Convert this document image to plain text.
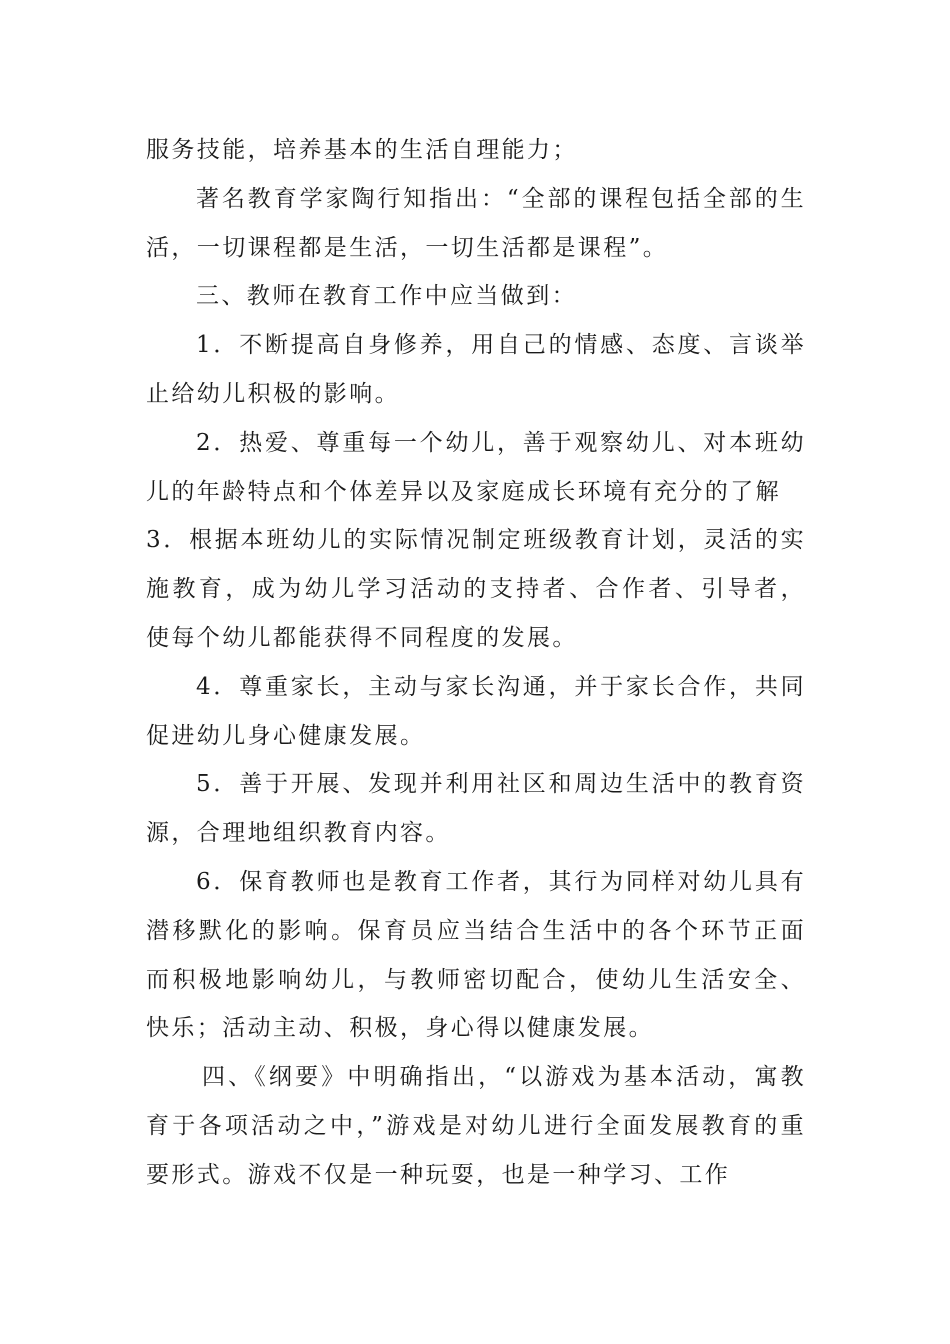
服务技能，培养基本的生活自理能力；

著名教育学家陶行知指出：“全部的课程包括全部的生活，一切课程都是生活，一切生活都是课程”。

三、教师在教育工作中应当做到：

1．不断提高自身修养，用自己的情感、态度、言谈举止给幼儿积极的影响。

2．热爱、尊重每一个幼儿，善于观察幼儿、对本班幼儿的年龄特点和个体差异以及家庭成长环境有充分的了解

3．根据本班幼儿的实际情况制定班级教育计划，灵活的实施教育，成为幼儿学习活动的支持者、合作者、引导者，使每个幼儿都能获得不同程度的发展。

4．尊重家长，主动与家长沟通，并于家长合作，共同促进幼儿身心健康发展。

5．善于开展、发现并利用社区和周边生活中的教育资源，合理地组织教育内容。

6．保育教师也是教育工作者，其行为同样对幼儿具有潜移默化的影响。保育员应当结合生活中的各个环节正面而积极地影响幼儿，与教师密切配合，使幼儿生活安全、快乐；活动主动、积极，身心得以健康发展。

四、《纲要》中明确指出，“以游戏为基本活动，寓教育于各项活动之中，”游戏是对幼儿进行全面发展教育的重要形式。游戏不仅是一种玩耍，也是一种学习、工作
